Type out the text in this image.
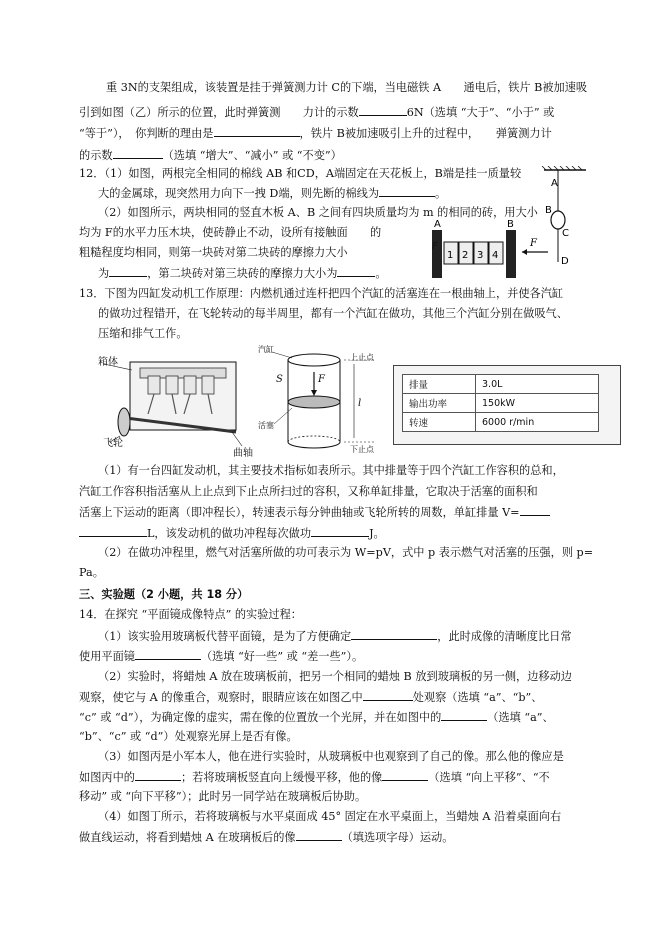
重 3N的支架组成，该装置是挂于弹簧测力计 C的下端，当电磁铁 A　　通电后，铁片 B被加速吸
引到如图（乙）所示的位置，此时弹簧测　　力计的示数	6N（选填 “大于”、“小于” 或
“等于”），　你判断的理由是	，铁片 B被加速吸引上升的过程中，　　弹簧测力计
的示数	（选填 “增大”、“减小” 或 “不变”）
12．（1）如图，两根完全相同的棉线 AB 和CD，A端固定在天花板上，B端是挂一质量较
大的金属球，现突然用力向下一拽 D端，则先断的棉线为	。
（2）如图所示，两块相同的竖直木板 A、B 之间有四块质量均为 m 的相同的砖，用大小
均为 F的水平力压木块，使砖静止不动，设所有接触面　　的
粗糙程度均相同，则第一块砖对第二块砖的摩擦力大小
为	，第二块砖对第三块砖的摩擦力大小为	。
1 2 3 4
A	B
F
F
A
B
C
D
13．下图为四缸发动机工作原理：内燃机通过连杆把四个汽缸的活塞连在一根曲轴上，并使各汽缸
的做功过程错开，在飞轮转动的每半周里，都有一个汽缸在做功，其他三个汽缸分别在做吸气、
压缩和排气工作。
箱体
飞轮
曲轴
汽缸
活塞
上止点
下止点
S	F
l
排量	3.0L
输出功率	150kW
转速	6000 r/min
（1）有一台四缸发动机，其主要技术指标如表所示。其中排量等于四个汽缸工作容积的总和，
汽缸工作容积指活塞从上止点到下止点所扫过的容积，又称单缸排量，它取决于活塞的面积和
活塞上下运动的距离（即冲程长），转速表示每分钟曲轴或飞轮所转的周数，单缸排量 V=
L，该发动机的做功冲程每次做功	J。
（2）在做功冲程里，燃气对活塞所做的功可表示为 W=pV，式中 p 表示燃气对活塞的压强，则 p=
Pa。
三、实验题（2 小题，共 18 分）
14．在探究 “平面镜成像特点” 的实验过程：
（1）该实验用玻璃板代替平面镜，是为了方便确定	，此时成像的清晰度比日常
使用平面镜	（选填 “好一些” 或 “差一些”）。
（2）实验时，将蜡烛 A 放在玻璃板前，把另一个相同的蜡烛 B 放到玻璃板的另一侧，边移动边
观察，使它与 A 的像重合，观察时，眼睛应该在如图乙中	处观察（选填 “a”、“b”、
“c” 或 “d”），为确定像的虚实，需在像的位置放一个光屏，并在如图中的	（选填 “a”、
“b”、“c” 或 “d”）处观察光屏上是否有像。
（3）如图丙是小军本人，他在进行实验时，从玻璃板中也观察到了自己的像。那么他的像应是
如图丙中的	；若将玻璃板竖直向上缓慢平移，他的像	（选填 “向上平移”、“不
移动” 或 “向下平移”）；此时另一同学站在玻璃板后协助。
（4）如图丁所示，若将玻璃板与水平桌面成 45° 固定在水平桌面上，当蜡烛 A 沿着桌面向右
做直线运动，将看到蜡烛 A 在玻璃板后的像	（填选项字母）运动。
